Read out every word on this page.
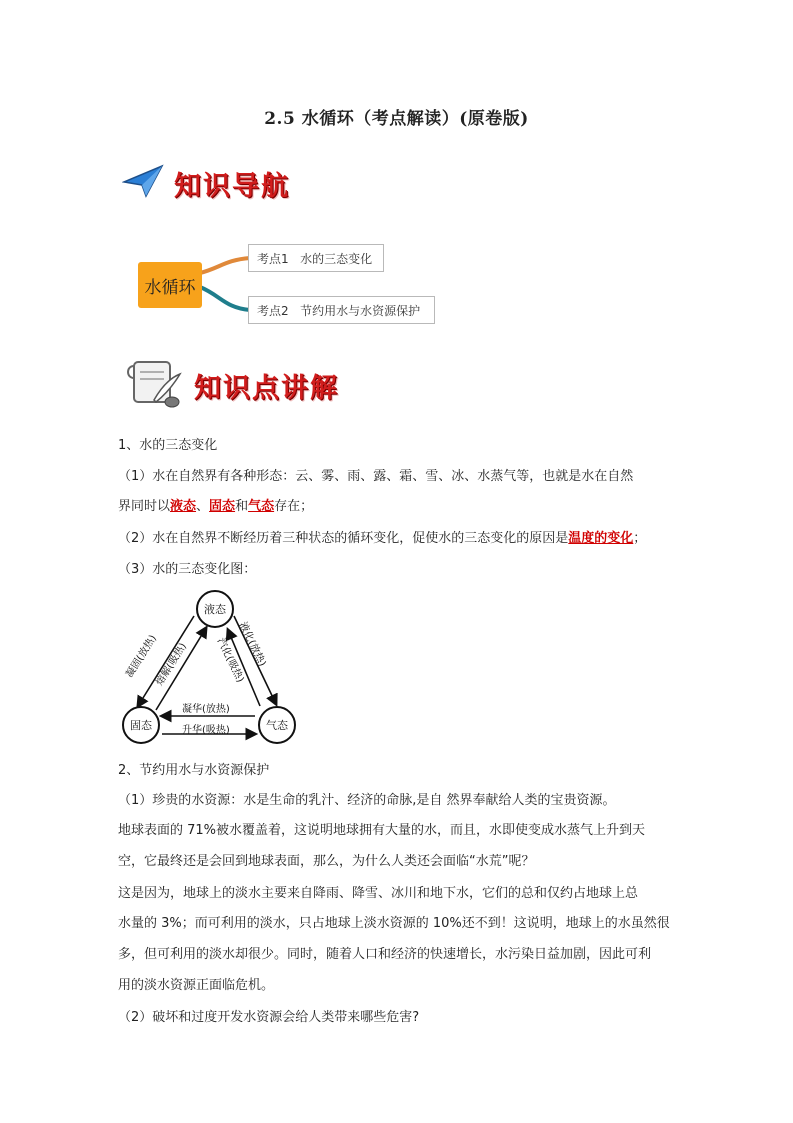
2.5 水循环（考点解读）(原卷版)
知识导航
水循环
考点1   水的三态变化
考点2   节约用水与水资源保护
知识点讲解
1、水的三态变化
（1）水在自然界有各种形态：云、雾、雨、露、霜、雪、冰、水蒸气等，也就是水在自然
界同时以液态、固态和气态存在；
（2）水在自然界不断经历着三种状态的循环变化，促使水的三态变化的原因是温度的变化；
（3）水的三态变化图：
液态
固态	气态
凝固(放热)
熔解(吸热)	液化(放热)
汽化(吸热)
凝华(放热)
升华(吸热)
2、节约用水与水资源保护
（1）珍贵的水资源：水是生命的乳汁、经济的命脉,是自 然界奉献给人类的宝贵资源。
地球表面的 71%被水覆盖着，这说明地球拥有大量的水，而且，水即使变成水蒸气上升到天
空，它最终还是会回到地球表面，那么，为什么人类还会面临“水荒”呢？
这是因为，地球上的淡水主要来自降雨、降雪、冰川和地下水，它们的总和仅约占地球上总
水量的 3%；而可利用的淡水，只占地球上淡水资源的 10%还不到！这说明，地球上的水虽然很
多，但可利用的淡水却很少。同时，随着人口和经济的快速增长，水污染日益加剧，因此可利
用的淡水资源正面临危机。
（2）破坏和过度开发水资源会给人类带来哪些危害?
